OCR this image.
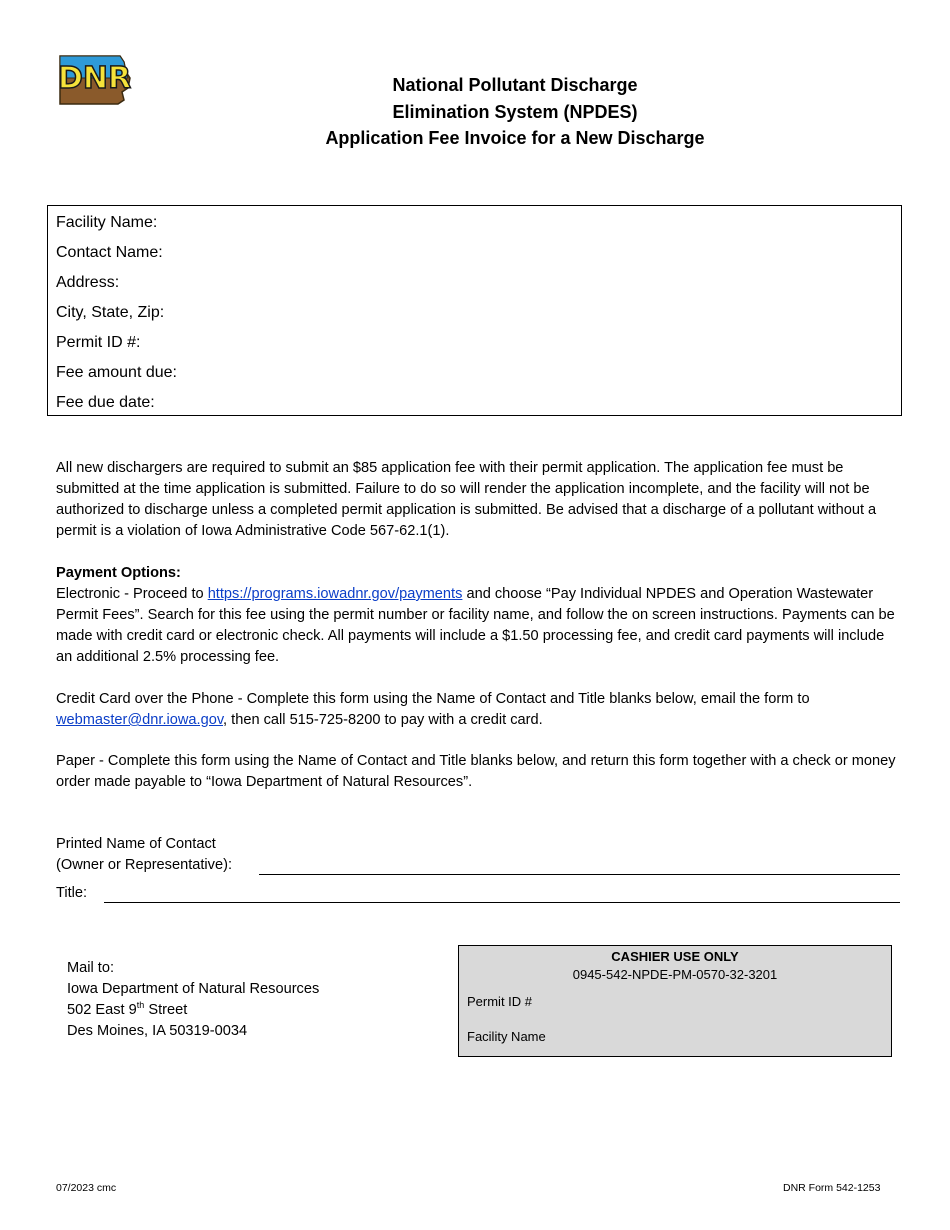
DNR	National Pollutant Discharge
Elimination System (NPDES)
Application Fee Invoice for a New Discharge
Facility Name:
Contact Name:
Address:
City, State, Zip:
Permit ID #:
Fee amount due:
Fee due date:
All new dischargers are required to submit an $85 application fee with their permit application. The application fee must be submitted at the time application is submitted. Failure to do so will render the application incomplete, and the facility will not be authorized to discharge unless a completed permit application is submitted. Be advised that a discharge of a pollutant without a permit is a violation of Iowa Administrative Code 567-62.1(1).
Payment Options:
Electronic - Proceed to https://programs.iowadnr.gov/payments and choose “Pay Individual NPDES and Operation Wastewater Permit Fees”. Search for this fee using the permit number or facility name, and follow the on screen instructions. Payments can be made with credit card or electronic check. All payments will include a $1.50 processing fee, and credit card payments will include an additional 2.5% processing fee.
Credit Card over the Phone - Complete this form using the Name of Contact and Title blanks below, email the form to webmaster@dnr.iowa.gov, then call 515-725-8200 to pay with a credit card.
Paper - Complete this form using the Name of Contact and Title blanks below, and return this form together with a check or money order made payable to “Iowa Department of Natural Resources”.
Printed Name of Contact
(Owner or Representative):
Title:
Mail to:
Iowa Department of Natural Resources
502 East 9th Street
Des Moines, IA 50319-0034
CASHIER USE ONLY
0945-542-NPDE-PM-0570-32-3201
Permit ID #
Facility Name
07/2023 cmc	DNR Form 542-1253
